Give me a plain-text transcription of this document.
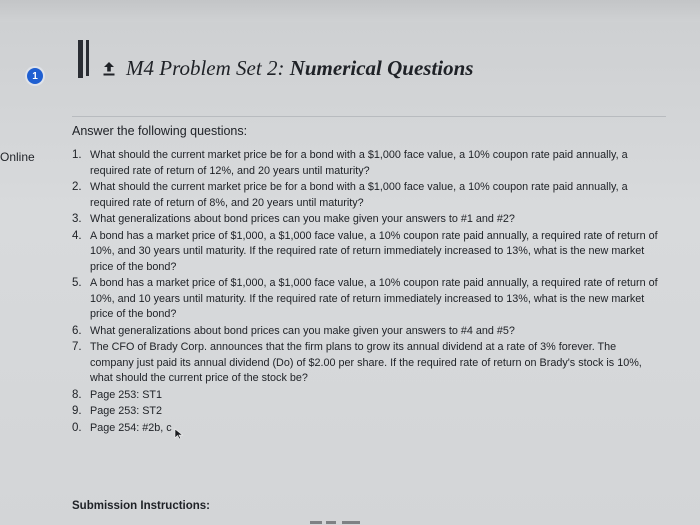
1
Online
M4 Problem Set 2: Numerical Questions

Answer the following questions:

1. What should the current market price be for a bond with a $1,000 face value, a 10% coupon rate paid annually, a required rate of return of 12%, and 20 years until maturity?
2. What should the current market price be for a bond with a $1,000 face value, a 10% coupon rate paid annually, a required rate of return of 8%, and 20 years until maturity?
3. What generalizations about bond prices can you make given your answers to #1 and #2?
4. A bond has a market price of $1,000, a $1,000 face value, a 10% coupon rate paid annually, a required rate of return of 10%, and 30 years until maturity. If the required rate of return immediately increased to 13%, what is the new market price of the bond?
5. A bond has a market price of $1,000, a $1,000 face value, a 10% coupon rate paid annually, a required rate of return of 10%, and 10 years until maturity. If the required rate of return immediately increased to 13%, what is the new market price of the bond?
6. What generalizations about bond prices can you make given your answers to #4 and #5?
7. The CFO of Brady Corp. announces that the firm plans to grow its annual dividend at a rate of 3% forever. The company just paid its annual dividend (Do) of $2.00 per share. If the required rate of return on Brady's stock is 10%, what should the current price of the stock be?
8. Page 253: ST1
9. Page 253: ST2
0. Page 254: #2b, c
Submission Instructions:
